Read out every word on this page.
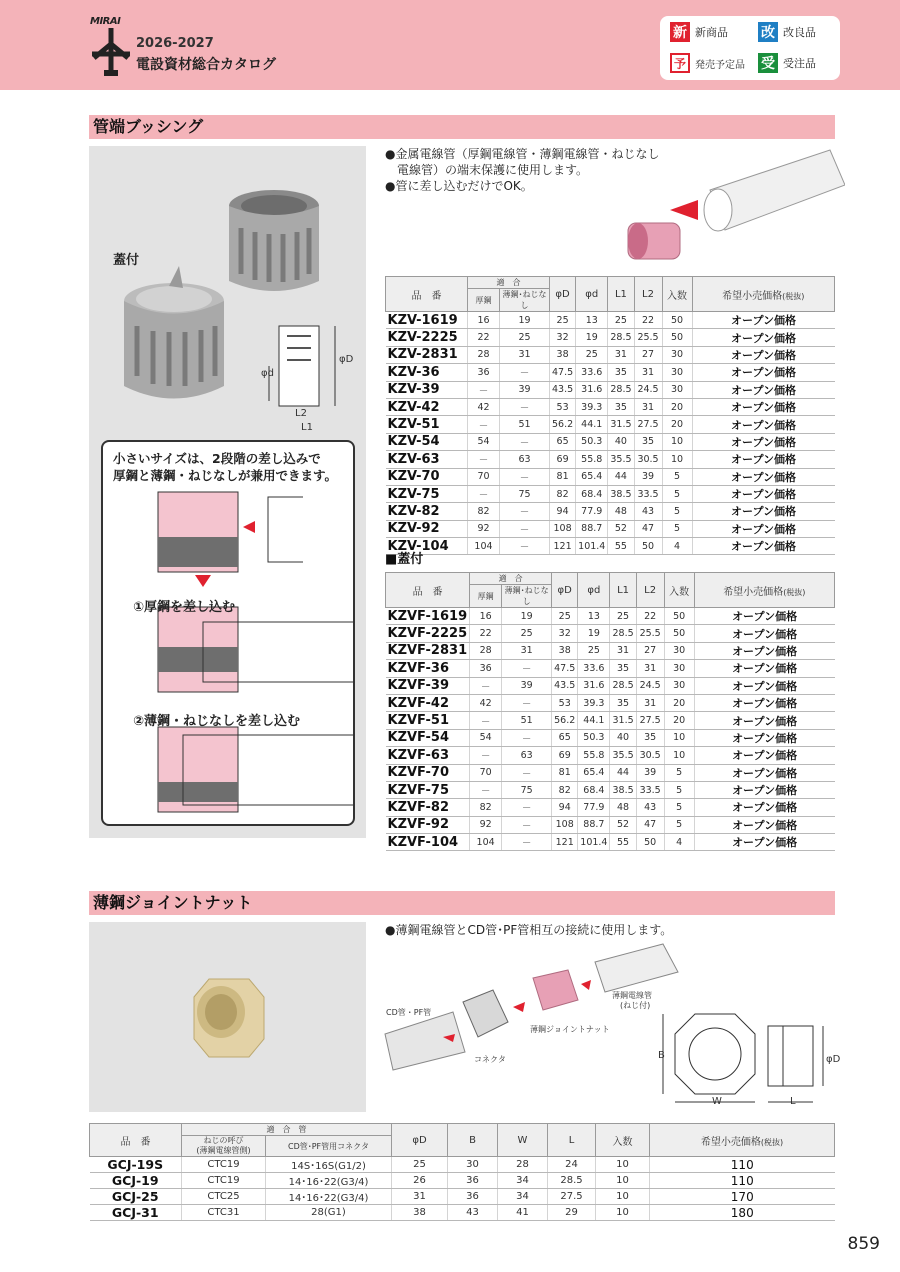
MIRAI
2026-2027
電設資材総合カタログ
新 新商品 改 改良品
予 発売予定品 受 受注品
管端ブッシング
蓋付
φd
φD
L2
L1
小さいサイズは、2段階の差し込みで
厚鋼と薄鋼・ねじなしが兼用できます。
①厚鋼を差し込む
②薄鋼・ねじなしを差し込む
●金属電線管（厚鋼電線管・薄鋼電線管・ねじなし
電線管）の端末保護に使用します。
●管に差し込むだけでOK。
品　番	適　合		φD	φd	L1	L2	入数	希望小売価格(税抜)
	厚鋼	薄鋼･ねじなし						
KZV-1619	16	19	25	13	25	22	50	オープン価格
KZV-2225	22	25	32	19	28.5	25.5	50	オープン価格
KZV-2831	28	31	38	25	31	27	30	オープン価格
KZV-36	36	－	47.5	33.6	35	31	30	オープン価格
KZV-39	－	39	43.5	31.6	28.5	24.5	30	オープン価格
KZV-42	42	－	53	39.3	35	31	20	オープン価格
KZV-51	－	51	56.2	44.1	31.5	27.5	20	オープン価格
KZV-54	54	－	65	50.3	40	35	10	オープン価格
KZV-63	－	63	69	55.8	35.5	30.5	10	オープン価格
KZV-70	70	－	81	65.4	44	39	5	オープン価格
KZV-75	－	75	82	68.4	38.5	33.5	5	オープン価格
KZV-82	82	－	94	77.9	48	43	5	オープン価格
KZV-92	92	－	108	88.7	52	47	5	オープン価格
KZV-104	104	－	121	101.4	55	50	4	オープン価格
■蓋付
品　番	適　合		φD	φd	L1	L2	入数	希望小売価格(税抜)
	厚鋼	薄鋼･ねじなし						
KZVF-1619	16	19	25	13	25	22	50	オープン価格
KZVF-2225	22	25	32	19	28.5	25.5	50	オープン価格
KZVF-2831	28	31	38	25	31	27	30	オープン価格
KZVF-36	36	－	47.5	33.6	35	31	30	オープン価格
KZVF-39	－	39	43.5	31.6	28.5	24.5	30	オープン価格
KZVF-42	42	－	53	39.3	35	31	20	オープン価格
KZVF-51	－	51	56.2	44.1	31.5	27.5	20	オープン価格
KZVF-54	54	－	65	50.3	40	35	10	オープン価格
KZVF-63	－	63	69	55.8	35.5	30.5	10	オープン価格
KZVF-70	70	－	81	65.4	44	39	5	オープン価格
KZVF-75	－	75	82	68.4	38.5	33.5	5	オープン価格
KZVF-82	82	－	94	77.9	48	43	5	オープン価格
KZVF-92	92	－	108	88.7	52	47	5	オープン価格
KZVF-104	104	－	121	101.4	55	50	4	オープン価格
薄鋼ジョイントナット
●薄鋼電線管とCD管･PF管相互の接続に使用します。
CD管・PF管
コネクタ
薄鋼ジョイントナット
薄鋼電線管
(ねじ付)
B
W	L
φD
品　番	適　合　管		φD	B	W	L	入数	希望小売価格(税抜)

	ねじの呼び
(薄鋼電線管側)	CD管･PF管用コネクタ						
GCJ-19S	CTC19	14S･16S(G1/2)	25	30	28	24	10	110
GCJ-19	CTC19	14･16･22(G3/4)	26	36	34	28.5	10	110
GCJ-25	CTC25	14･16･22(G3/4)	31	36	34	27.5	10	170
GCJ-31	CTC31	28(G1)	38	43	41	29	10	180
859
